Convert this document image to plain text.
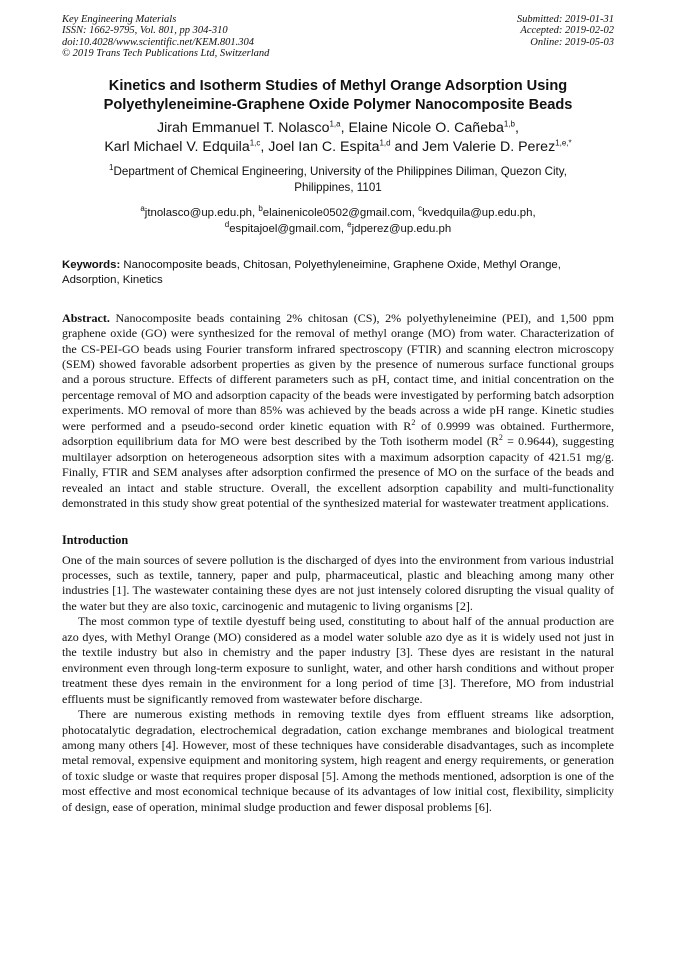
Key Engineering Materials
ISSN: 1662-9795, Vol. 801, pp 304-310
doi:10.4028/www.scientific.net/KEM.801.304
© 2019 Trans Tech Publications Ltd, Switzerland
Submitted: 2019-01-31
Accepted: 2019-02-02
Online: 2019-05-03
Kinetics and Isotherm Studies of Methyl Orange Adsorption Using
Polyethyleneimine-Graphene Oxide Polymer Nanocomposite Beads
Jirah Emmanuel T. Nolasco$^{1,a}$, Elaine Nicole O. Cañeba$^{1,b}$,
Karl Michael V. Edquila$^{1,c}$, Joel Ian C. Espita$^{1,d}$ and Jem Valerie D. Perez$^{1,e,*}$
$^1$Department of Chemical Engineering, University of the Philippines Diliman, Quezon City, Philippines, 1101
$^a$jtnolasco@up.edu.ph, $^b$elainenicole0502@gmail.com, $^c$kvedquila@up.edu.ph,
$^d$espitajoel@gmail.com, $^e$jdperez@up.edu.ph
Keywords: Nanocomposite beads, Chitosan, Polyethyleneimine, Graphene Oxide, Methyl Orange, Adsorption, Kinetics
Abstract. Nanocomposite beads containing 2% chitosan (CS), 2% polyethyleneimine (PEI), and 1,500 ppm graphene oxide (GO) were synthesized for the removal of methyl orange (MO) from water. Characterization of the CS-PEI-GO beads using Fourier transform infrared spectroscopy (FTIR) and scanning electron microscopy (SEM) showed favorable adsorbent properties as given by the presence of numerous surface functional groups and a porous structure. Effects of different parameters such as pH, contact time, and initial concentration on the percentage removal of MO and adsorption capacity of the beads were investigated by performing batch adsorption experiments. MO removal of more than 85% was achieved by the beads across a wide pH range. Kinetic studies were performed and a pseudo-second order kinetic equation with $R^2$ of 0.9999 was obtained. Furthermore, adsorption equilibrium data for MO were best described by the Toth isotherm model $(R^2 = 0.9644)$, suggesting multilayer adsorption on heterogeneous adsorption sites with a maximum adsorption capacity of 421.51 mg/g. Finally, FTIR and SEM analyses after adsorption confirmed the presence of MO on the surface of the beads and revealed an intact and stable structure. Overall, the excellent adsorption capability and multi-functionality demonstrated in this study show great potential of the synthesized material for wastewater treatment applications.
Introduction
One of the main sources of severe pollution is the discharged of dyes into the environment from various industrial processes, such as textile, tannery, paper and pulp, pharmaceutical, plastic and bleaching among many other industries [1]. The wastewater containing these dyes are not just intensely colored disrupting the visual quality of the water but they are also toxic, carcinogenic and mutagenic to living organisms [2].
The most common type of textile dyestuff being used, constituting to about half of the annual production are azo dyes, with Methyl Orange (MO) considered as a model water soluble azo dye as it is widely used not just in the textile industry but also in chemistry and the paper industry [3]. These dyes are resistant in the natural environment even through long-term exposure to sunlight, water, and other harsh conditions and without proper treatment these dyes remain in the environment for a long period of time [3]. Therefore, MO from industrial effluents must be significantly removed from wastewater before discharge.
There are numerous existing methods in removing textile dyes from effluent streams like adsorption, photocatalytic degradation, electrochemical degradation, cation exchange membranes and biological treatment among many others [4]. However, most of these techniques have considerable disadvantages, such as incomplete metal removal, expensive equipment and monitoring system, high reagent and energy requirements, or generation of toxic sludge or waste that requires proper disposal [5]. Among the methods mentioned, adsorption is one of the most effective and most economical technique because of its advantages of low initial cost, flexibility, simplicity of design, ease of operation, minimal sludge production and fewer disposal problems [6].
